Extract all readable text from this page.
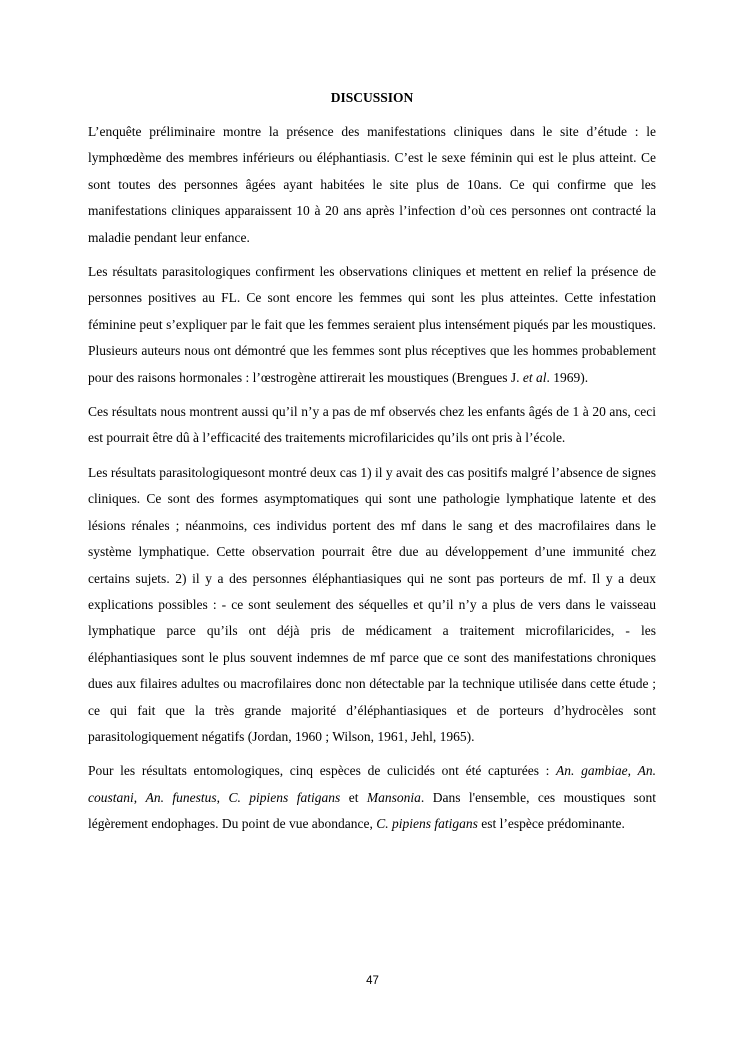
DISCUSSION

L’enquête préliminaire montre la présence des manifestations cliniques dans le site d’étude : le lymphœdème des membres inférieurs ou éléphantiasis. C’est le sexe féminin qui est le plus atteint. Ce sont toutes des personnes âgées ayant habitées le site plus de 10ans. Ce qui confirme que les manifestations cliniques apparaissent 10 à 20 ans après l’infection d’où ces personnes ont contracté la maladie pendant leur enfance.

Les résultats parasitologiques confirment les observations cliniques et mettent en relief la présence de personnes positives au FL. Ce sont encore les femmes qui sont les plus atteintes. Cette infestation féminine peut s’expliquer par le fait que les femmes seraient plus intensément piqués par les moustiques. Plusieurs auteurs nous ont démontré que les femmes sont plus réceptives que les hommes probablement pour des raisons hormonales : l’œstrogène attirerait les moustiques (Brengues J. et al. 1969).

Ces résultats nous montrent aussi qu’il n’y a pas de mf observés chez les enfants âgés de 1 à 20 ans, ceci est pourrait être dû à l’efficacité des traitements microfilaricides qu’ils ont pris à l’école.

Les résultats parasitologiquesont montré deux cas 1) il y avait des cas positifs malgré l’absence de signes cliniques. Ce sont des formes asymptomatiques qui sont une pathologie lymphatique latente et des lésions rénales ; néanmoins, ces individus portent des mf dans le sang et des macrofilaires dans le système lymphatique. Cette observation pourrait être due au développement d’une immunité chez certains sujets. 2) il y a des personnes éléphantiasiques qui ne sont pas porteurs de mf. Il y a deux explications possibles : - ce sont seulement des séquelles et qu’il n’y a plus de vers dans le vaisseau lymphatique parce qu’ils ont déjà pris de médicament a traitement microfilaricides, - les éléphantiasiques sont le plus souvent indemnes de mf parce que ce sont des manifestations chroniques dues aux filaires adultes ou macrofilaires donc non détectable par la technique utilisée dans cette étude ; ce qui fait que la très grande majorité d’éléphantiasiques et de porteurs d’hydrocèles sont parasitologiquement négatifs (Jordan, 1960 ; Wilson, 1961, Jehl, 1965).

Pour les résultats entomologiques, cinq espèces de culicidés ont été capturées : An. gambiae, An. coustani, An. funestus, C. pipiens fatigans et Mansonia. Dans l'ensemble, ces moustiques sont légèrement endophages. Du point de vue abondance, C. pipiens fatigans est l’espèce prédominante.

47
